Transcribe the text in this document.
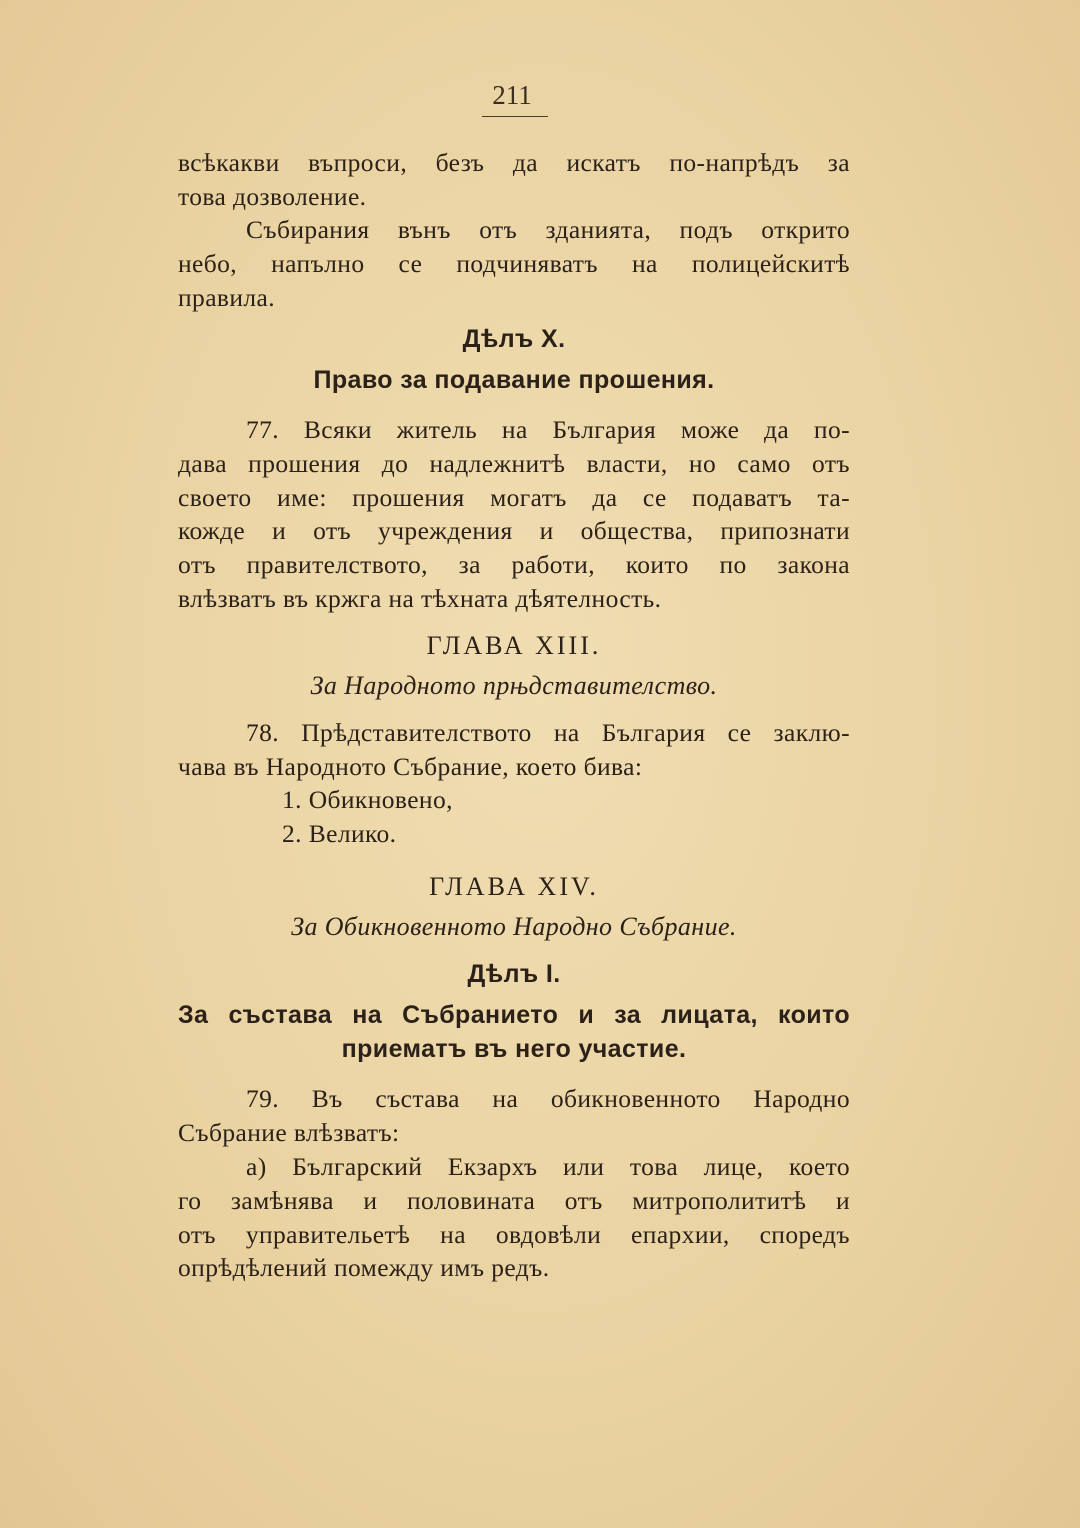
211
всѣкакви въпроси, безъ да искатъ по-напрѣдъ за
това дозволение.
Събирания вънъ отъ зданията, подъ открито
небо, напълно се подчиняватъ на полицейскитѣ
правила.
Дѣлъ X.
Право за подавание прошения.
77. Всяки житель на България може да по-
дава прошения до надлежнитѣ власти, но само отъ
своето име: прошения могатъ да се подаватъ та-
кожде и отъ учреждения и общества, припознати
отъ правителството, за работи, които по закона
влѣзватъ въ кржга на тѣхната дѣятелность.
ГЛАВА XIII.
За Народното прњдставителство.
78. Прѣдставителството на България се заклю-
чава въ Народното Събрание, което бива:
1. Обикновено,
2. Велико.
ГЛАВА XIV.
За Обикновенното Народно Събрание.
Дѣлъ I.
За състава на Събранието и за лицата, които
приематъ въ него участие.
79. Въ състава на обикновенното Народно
Събрание влѣзватъ:
а) Българский Екзархъ или това лице, което
го замѣнява и половината отъ митрополититѣ и
отъ управительетѣ на овдовѣли епархии, споредъ
опрѣдѣлений помежду имъ редъ.
